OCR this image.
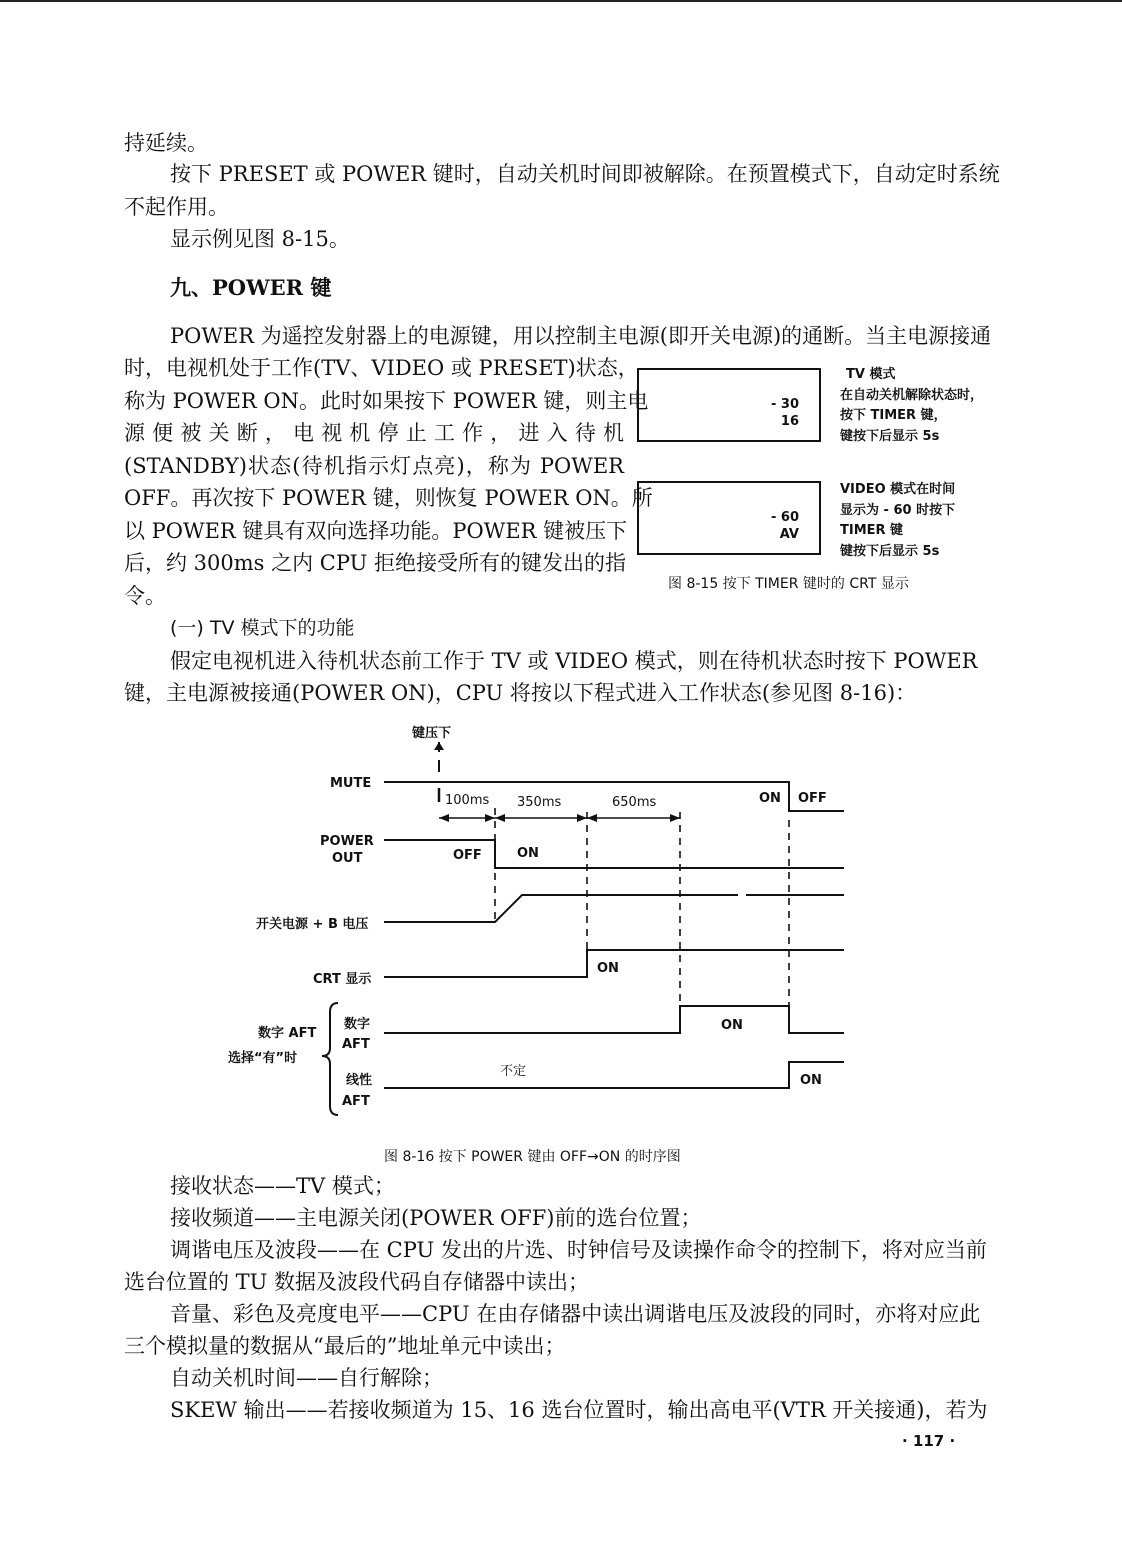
持延续。

按下 PRESET 或 POWER 键时，自动关机时间即被解除。在预置模式下，自动定时系统

不起作用。

显示例见图 8-15。

九、POWER 键

POWER 为遥控发射器上的电源键，用以控制主电源(即开关电源)的通断。当主电源接通

时，电视机处于工作(TV、VIDEO 或 PRESET)状态，
称为 POWER ON。此时如果按下 POWER 键，则主电
源便被关断，电视机停止工作，进入待机
(STANDBY)状态(待机指示灯点亮)，称为 POWER
OFF。再次按下 POWER 键，则恢复 POWER ON。所
以 POWER 键具有双向选择功能。POWER 键被压下
后，约 300ms 之内 CPU 拒绝接受所有的键发出的指
令。
- 30
16
TV 模式
在自动关机解除状态时，
按下 TIMER 键，
键按下后显示 5s
- 60
AV
VIDEO 模式在时间
显示为 - 60 时按下
TIMER 键
键按下后显示 5s
图 8-15 按下 TIMER 键时的 CRT 显示

(一) TV 模式下的功能

假定电视机进入待机状态前工作于 TV 或 VIDEO 模式，则在待机状态时按下 POWER

键，主电源被接通(POWER ON)，CPU 将按以下程式进入工作状态(参见图 8-16)：

键压下
MUTE
POWER
OUT
开关电源 + B 电压
CRT 显示
数字 AFT
选择“有”时
数字
AFT
线性
AFT
100ms 350ms	650ms	ON OFF
OFF	ON
ON
ON
不定
ON
图 8-16 按下 POWER 键由 OFF→ON 的时序图

接收状态——TV 模式；

接收频道——主电源关闭(POWER OFF)前的选台位置；

调谐电压及波段——在 CPU 发出的片选、时钟信号及读操作命令的控制下，将对应当前

选台位置的 TU 数据及波段代码自存储器中读出；

音量、彩色及亮度电平——CPU 在由存储器中读出调谐电压及波段的同时，亦将对应此

三个模拟量的数据从“最后的”地址单元中读出；

自动关机时间——自行解除；

SKEW 输出——若接收频道为 15、16 选台位置时，输出高电平(VTR 开关接通)，若为

· 117 ·
